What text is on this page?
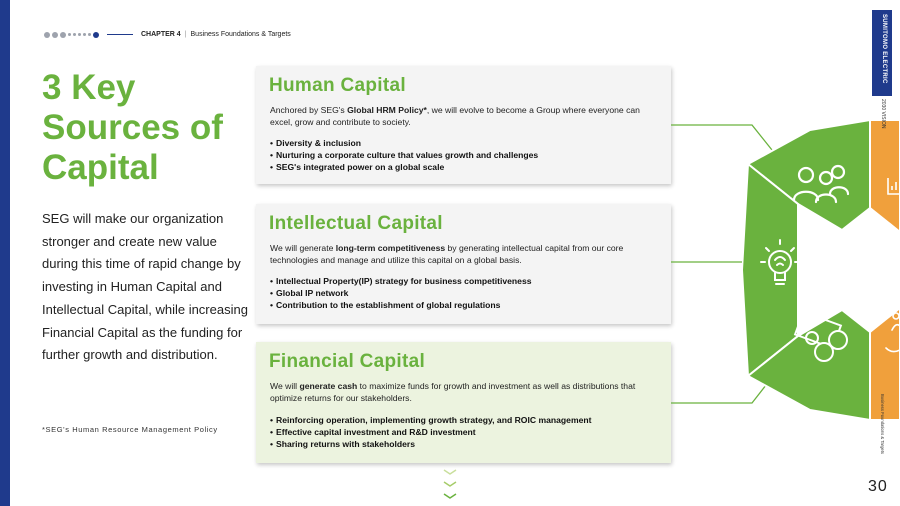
CHAPTER 4 | Business Foundations & Targets
3 Key
Sources of
Capital

SEG will make our organization stronger and create new value during this time of rapid change by investing in Human Capital and Intellectual Capital, while increasing Financial Capital as the funding for further growth and distribution.

*SEG's Human Resource Management Policy

Human Capital

Anchored by SEG's Global HRM Policy*, we will evolve to become a Group where everyone can excel, grow and contribute to society.

• Diversity & inclusion
• Nurturing a corporate culture that values growth and challenges
• SEG's integrated power on a global scale
Intellectual Capital

We will generate long-term competitiveness by generating intellectual capital from our core technologies and manage and utilize this capital on a global basis.

• Intellectual Property(IP) strategy for business competitiveness
• Global IP network
• Contribution to the establishment of global regulations
Financial Capital

We will generate cash to maximize funds for growth and investment as well as distributions that optimize returns for our stakeholders.

• Reinforcing operation, implementing growth strategy, and ROIC management
• Effective capital investment and R&D investment
• Sharing returns with stakeholders
SUMITOMO ELECTRIC
2030 VISION
Business Foundations & Targets
30
